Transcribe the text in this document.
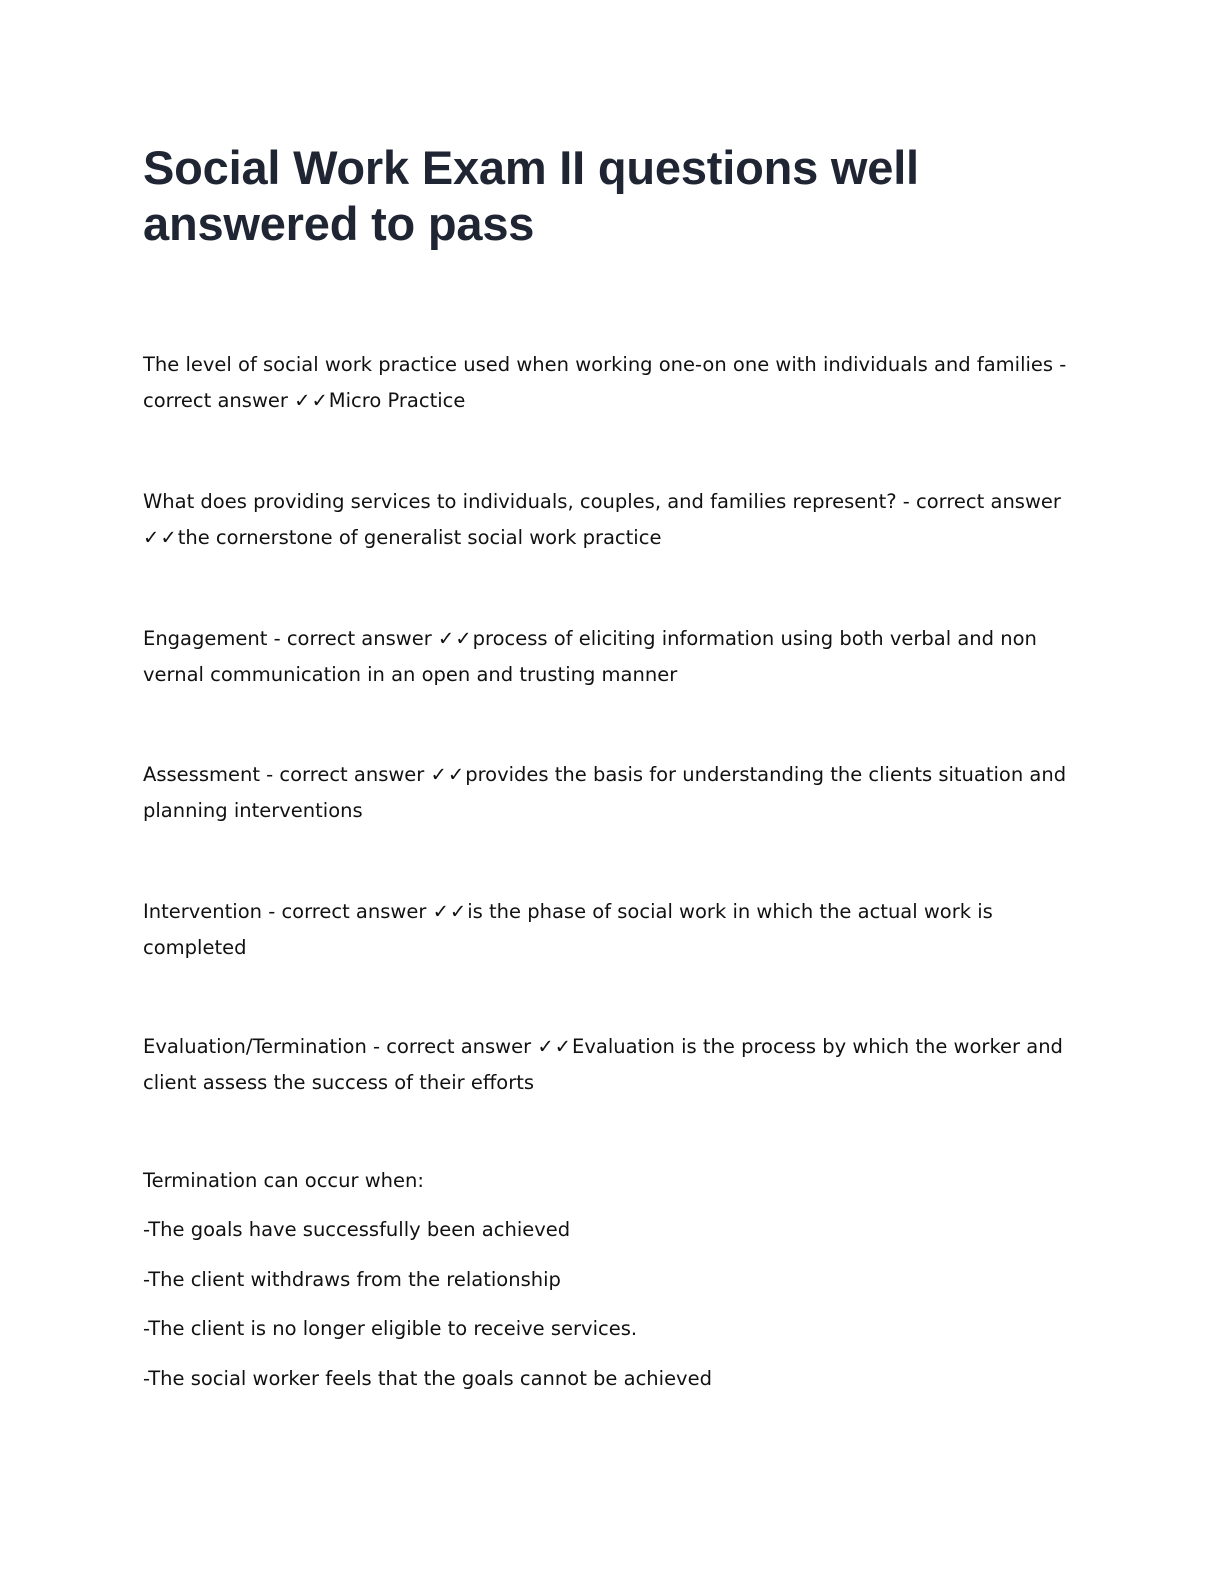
Social Work Exam II questions well answered to pass

The level of social work practice used when working one-on one with individuals and families - correct answer ✓✓Micro Practice

What does providing services to individuals, couples, and families represent? - correct answer ✓✓the cornerstone of generalist social work practice

Engagement - correct answer ✓✓process of eliciting information using both verbal and non vernal communication in an open and trusting manner

Assessment - correct answer ✓✓provides the basis for understanding the clients situation and planning interventions

Intervention - correct answer ✓✓is the phase of social work in which the actual work is completed

Evaluation/Termination - correct answer ✓✓Evaluation is the process by which the worker and client assess the success of their efforts

Termination can occur when:

-The goals have successfully been achieved

-The client withdraws from the relationship

-The client is no longer eligible to receive services.

-The social worker feels that the goals cannot be achieved
